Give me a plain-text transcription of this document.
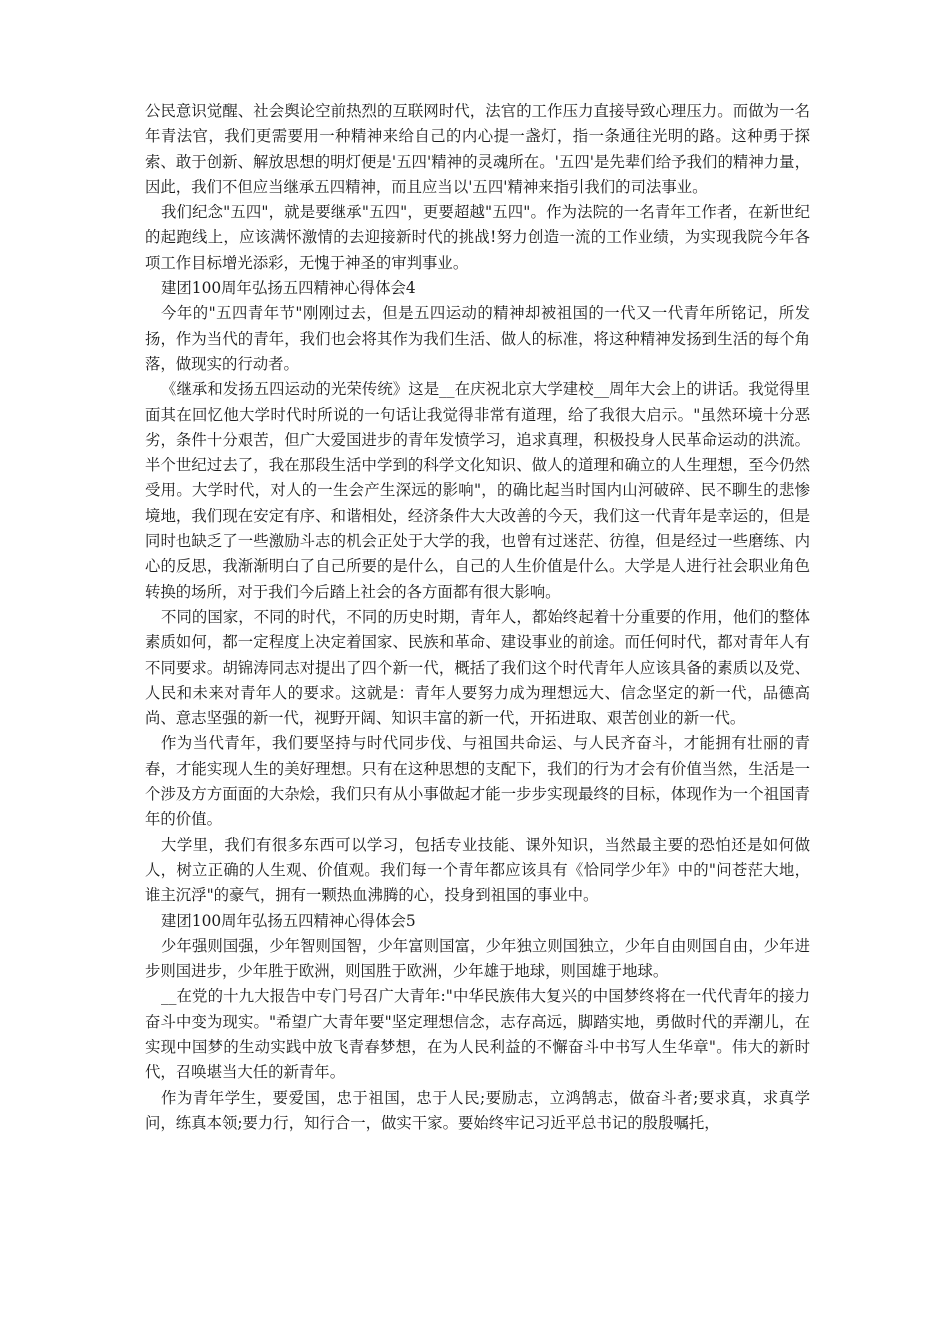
公民意识觉醒、社会舆论空前热烈的互联网时代，法官的工作压力直接导致心理压力。而做为一名年青法官，我们更需要用一种精神来给自己的内心提一盏灯，指一条通往光明的路。这种勇于探索、敢于创新、解放思想的明灯便是'五四'精神的灵魂所在。'五四'是先辈们给予我们的精神力量，因此，我们不但应当继承五四精神，而且应当以'五四'精神来指引我们的司法事业。

我们纪念"五四"，就是要继承"五四"，更要超越"五四"。作为法院的一名青年工作者，在新世纪的起跑线上，应该满怀激情的去迎接新时代的挑战!努力创造一流的工作业绩，为实现我院今年各项工作目标增光添彩，无愧于神圣的审判事业。

建团100周年弘扬五四精神心得体会4

今年的"五四青年节"刚刚过去，但是五四运动的精神却被祖国的一代又一代青年所铭记，所发扬，作为当代的青年，我们也会将其作为我们生活、做人的标准，将这种精神发扬到生活的每个角落，做现实的行动者。

《继承和发扬五四运动的光荣传统》这是__在庆祝北京大学建校__周年大会上的讲话。我觉得里面其在回忆他大学时代时所说的一句话让我觉得非常有道理，给了我很大启示。"虽然环境十分恶劣，条件十分艰苦，但广大爱国进步的青年发愤学习，追求真理，积极投身人民革命运动的洪流。半个世纪过去了，我在那段生活中学到的科学文化知识、做人的道理和确立的人生理想，至今仍然受用。大学时代，对人的一生会产生深远的影响"，的确比起当时国内山河破碎、民不聊生的悲惨境地，我们现在安定有序、和谐相处，经济条件大大改善的今天，我们这一代青年是幸运的，但是同时也缺乏了一些激励斗志的机会正处于大学的我，也曾有过迷茫、彷徨，但是经过一些磨练、内心的反思，我渐渐明白了自己所要的是什么，自己的人生价值是什么。大学是人进行社会职业角色转换的场所，对于我们今后踏上社会的各方面都有很大影响。

不同的国家，不同的时代，不同的历史时期，青年人，都始终起着十分重要的作用，他们的整体素质如何，都一定程度上决定着国家、民族和革命、建设事业的前途。而任何时代，都对青年人有不同要求。胡锦涛同志对提出了四个新一代，概括了我们这个时代青年人应该具备的素质以及党、人民和未来对青年人的要求。这就是：青年人要努力成为理想远大、信念坚定的新一代，品德高尚、意志坚强的新一代，视野开阔、知识丰富的新一代，开拓进取、艰苦创业的新一代。

作为当代青年，我们要坚持与时代同步伐、与祖国共命运、与人民齐奋斗，才能拥有壮丽的青春，才能实现人生的美好理想。只有在这种思想的支配下，我们的行为才会有价值当然，生活是一个涉及方方面面的大杂烩，我们只有从小事做起才能一步步实现最终的目标，体现作为一个祖国青年的价值。

大学里，我们有很多东西可以学习，包括专业技能、课外知识，当然最主要的恐怕还是如何做人，树立正确的人生观、价值观。我们每一个青年都应该具有《恰同学少年》中的"问苍茫大地，谁主沉浮"的豪气，拥有一颗热血沸腾的心，投身到祖国的事业中。

建团100周年弘扬五四精神心得体会5

少年强则国强，少年智则国智，少年富则国富，少年独立则国独立，少年自由则国自由，少年进步则国进步，少年胜于欧洲，则国胜于欧洲，少年雄于地球，则国雄于地球。

__在党的十九大报告中专门号召广大青年:"中华民族伟大复兴的中国梦终将在一代代青年的接力奋斗中变为现实。"希望广大青年要"坚定理想信念，志存高远，脚踏实地，勇做时代的弄潮儿，在实现中国梦的生动实践中放飞青春梦想，在为人民利益的不懈奋斗中书写人生华章"。伟大的新时代，召唤堪当大任的新青年。

作为青年学生，要爱国，忠于祖国，忠于人民;要励志，立鸿鹄志，做奋斗者;要求真，求真学问，练真本领;要力行，知行合一，做实干家。要始终牢记习近平总书记的殷殷嘱托，
